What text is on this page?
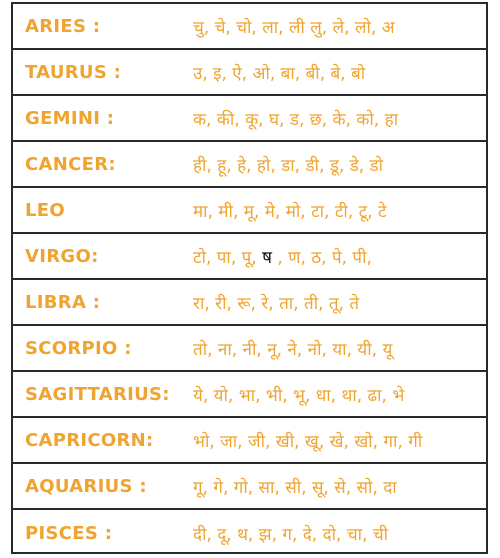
ARIES :	चु, चे, चो, ला, ली लु, ले, लो, अ
TAURUS :	उ, इ, ऐ, ओ, बा, बी, बे, बो
GEMINI :	क, की, कू, घ, ड, छ, के, को, हा
CANCER:	ही, हू, हे, हो, डा, डी, डू, डे, डो
LEO	मा, मी, मू, मे, मो, टा, टी, टू, टे
VIRGO:	टो, पा, पू, ष , ण, ठ, पे, पी,
LIBRA :	रा, री, रू, रे, ता, ती, तू, ते
SCORPIO :	तो, ना, नी, नू, ने, नो, या, यी, यू
SAGITTARIUS: ये, यो, भा, भी, भू, धा, था, ढा, भे
CAPRICORN: भो, जा, जी, खी, खू, खे, खो, गा, गी
AQUARIUS :	गू, गे, गो, सा, सी, सू, से, सो, दा
PISCES :	दी, दू, थ, झ, ग, दे, दो, चा, ची
